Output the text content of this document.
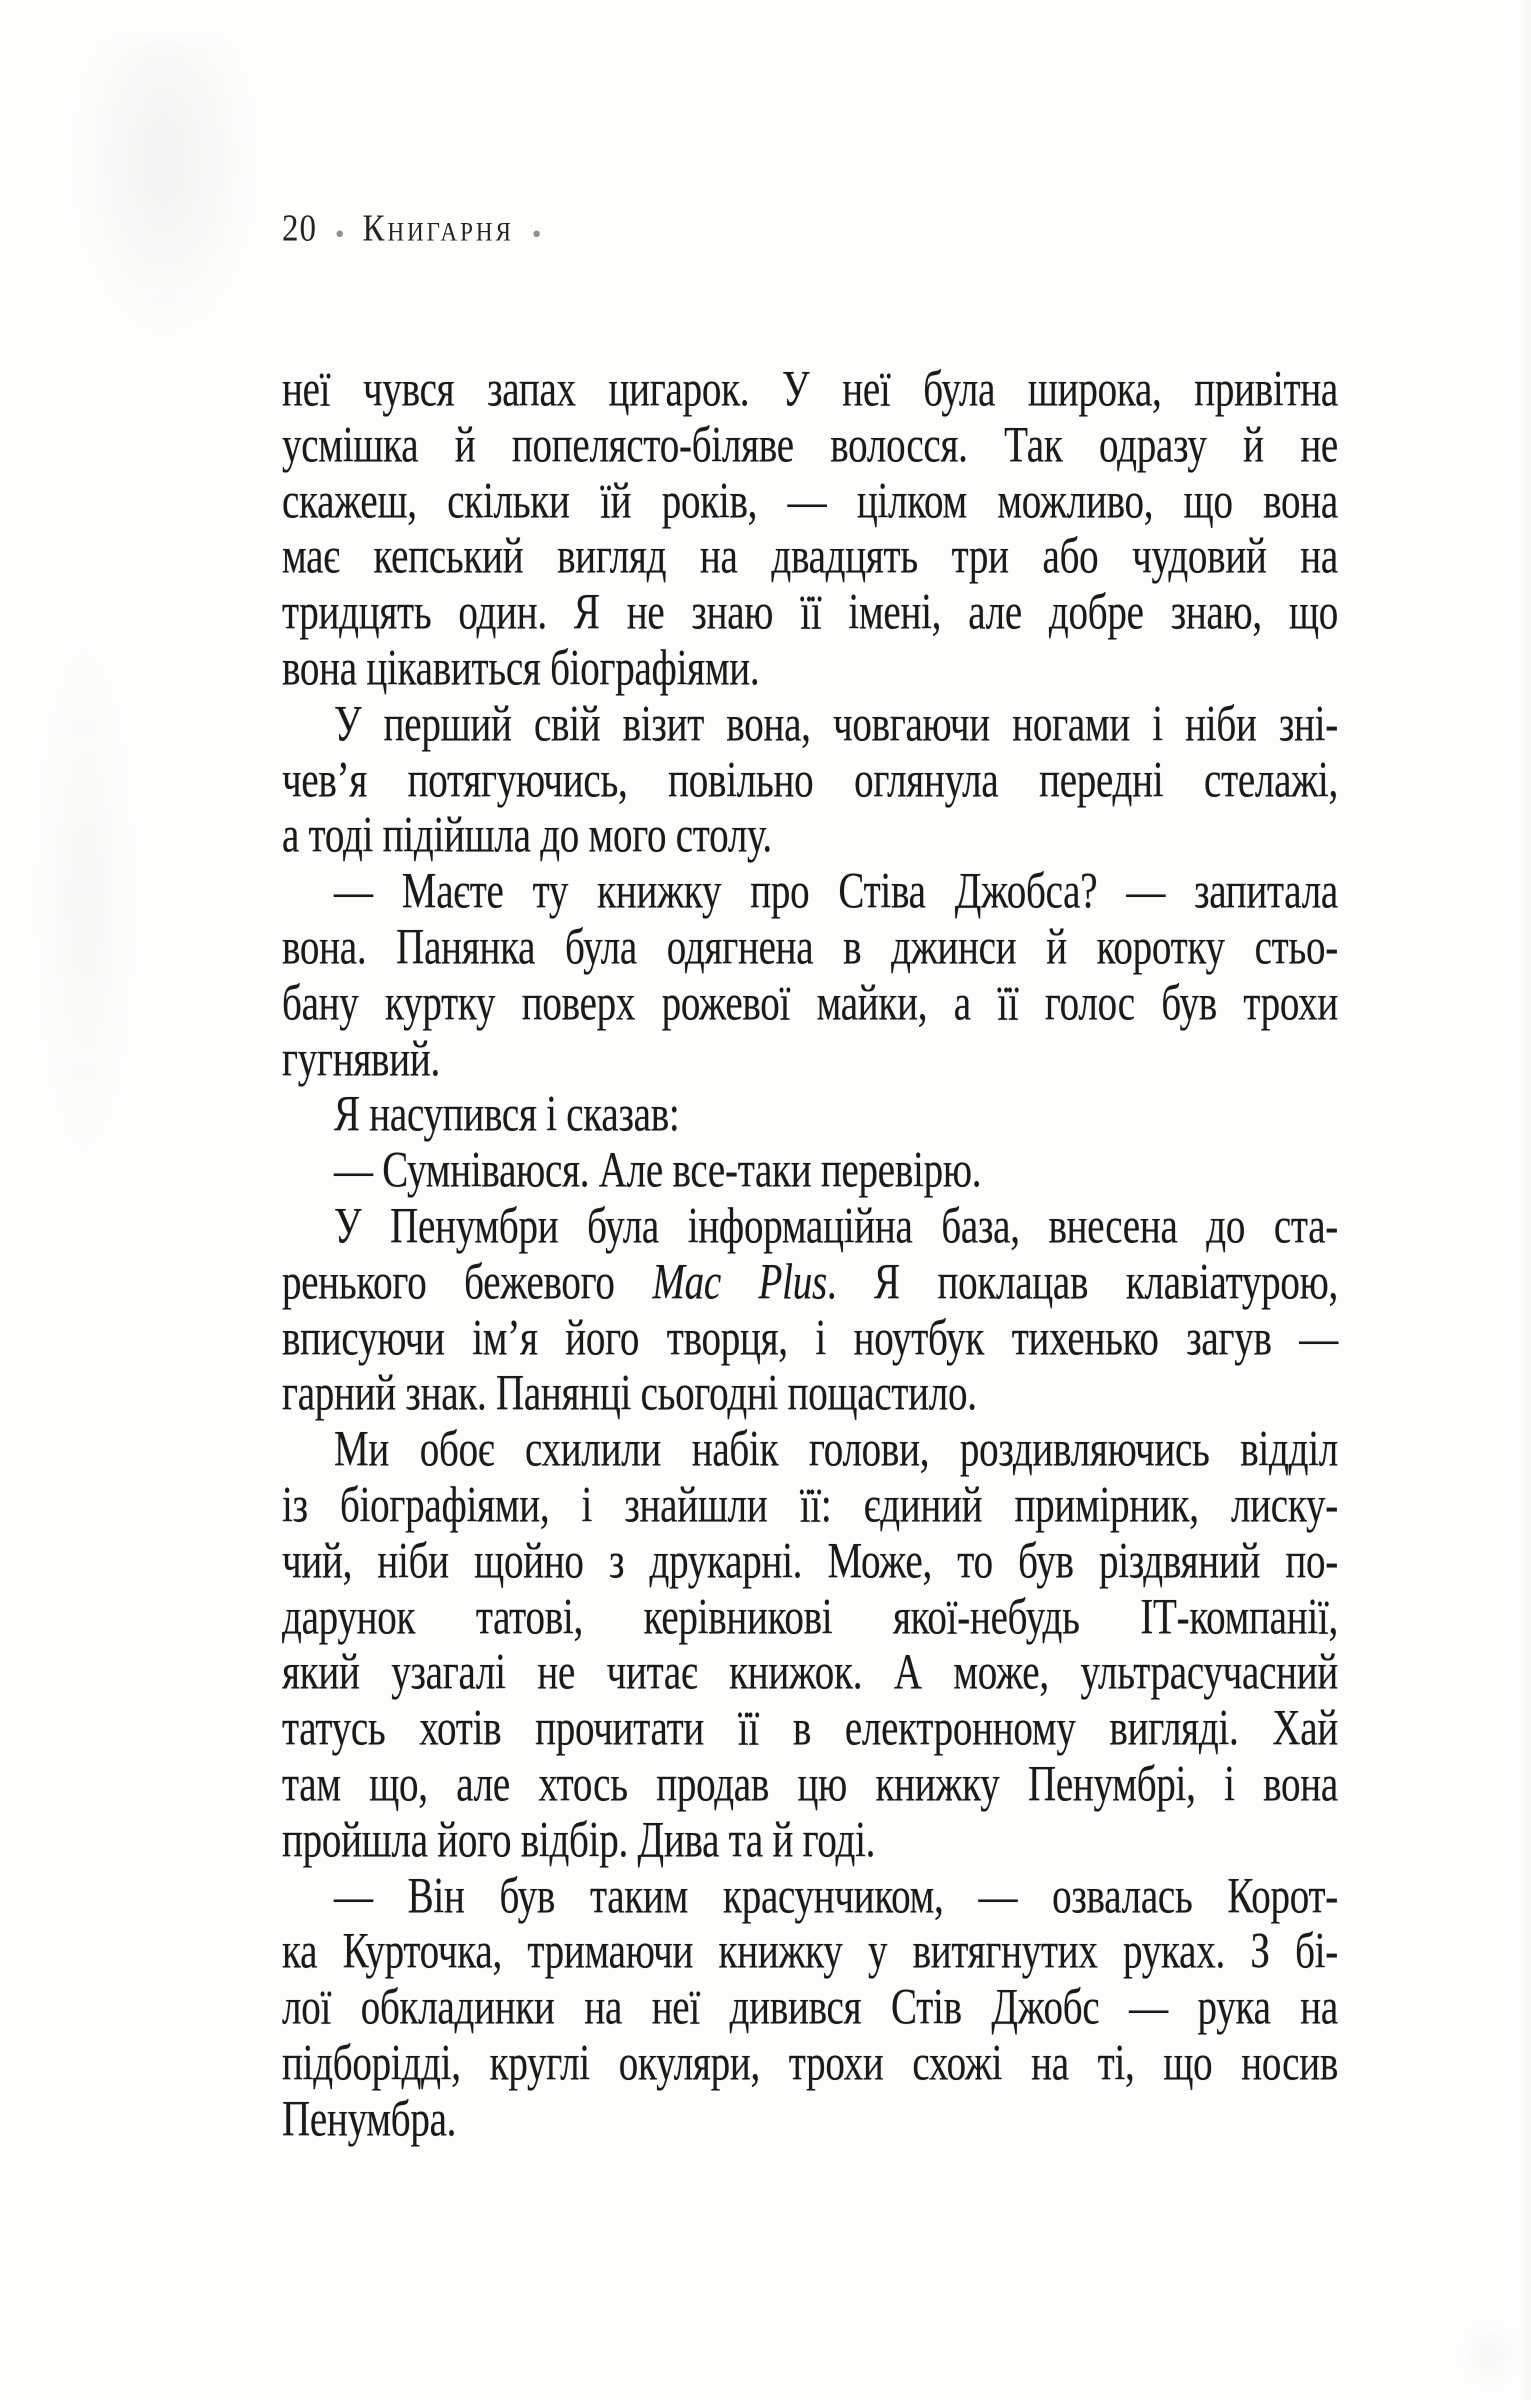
20 • Книгарня •
неї чувся запах цигарок. У неї була широка, привітна
усмішка й попелясто-біляве волосся. Так одразу й не
скажеш, скільки їй років, — цілком можливо, що вона
має кепський вигляд на двадцять три або чудовий на
тридцять один. Я не знаю її імені, але добре знаю, що
вона цікавиться біографіями.
У перший свій візит вона, човгаючи ногами і ніби зні-
чев’я потягуючись, повільно оглянула передні стелажі,
а тоді підійшла до мого столу.
— Маєте ту книжку про Стіва Джобса? — запитала
вона. Панянка була одягнена в джинси й коротку стьо-
бану куртку поверх рожевої майки, а її голос був трохи
гугнявий.
Я насупився і сказав:
— Сумніваюся. Але все-таки перевірю.
У Пенумбри була інформаційна база, внесена до ста-
ренького бежевого Mac Plus. Я поклацав клавіатурою,
вписуючи ім’я його творця, і ноутбук тихенько загув —
гарний знак. Панянці сьогодні пощастило.
Ми обоє схилили набік голови, роздивляючись відділ
із біографіями, і знайшли її: єдиний примірник, лиску-
чий, ніби щойно з друкарні. Може, то був різдвяний по-
дарунок татові, керівникові якої-небудь ІТ-компанії,
який узагалі не читає книжок. А може, ультрасучасний
татусь хотів прочитати її в електронному вигляді. Хай
там що, але хтось продав цю книжку Пенумбрі, і вона
пройшла його відбір. Дива та й годі.
— Він був таким красунчиком, — озвалась Корот-
ка Курточка, тримаючи книжку у витягнутих руках. З бі-
лої обкладинки на неї дивився Стів Джобс — рука на
підборідді, круглі окуляри, трохи схожі на ті, що носив
Пенумбра.
